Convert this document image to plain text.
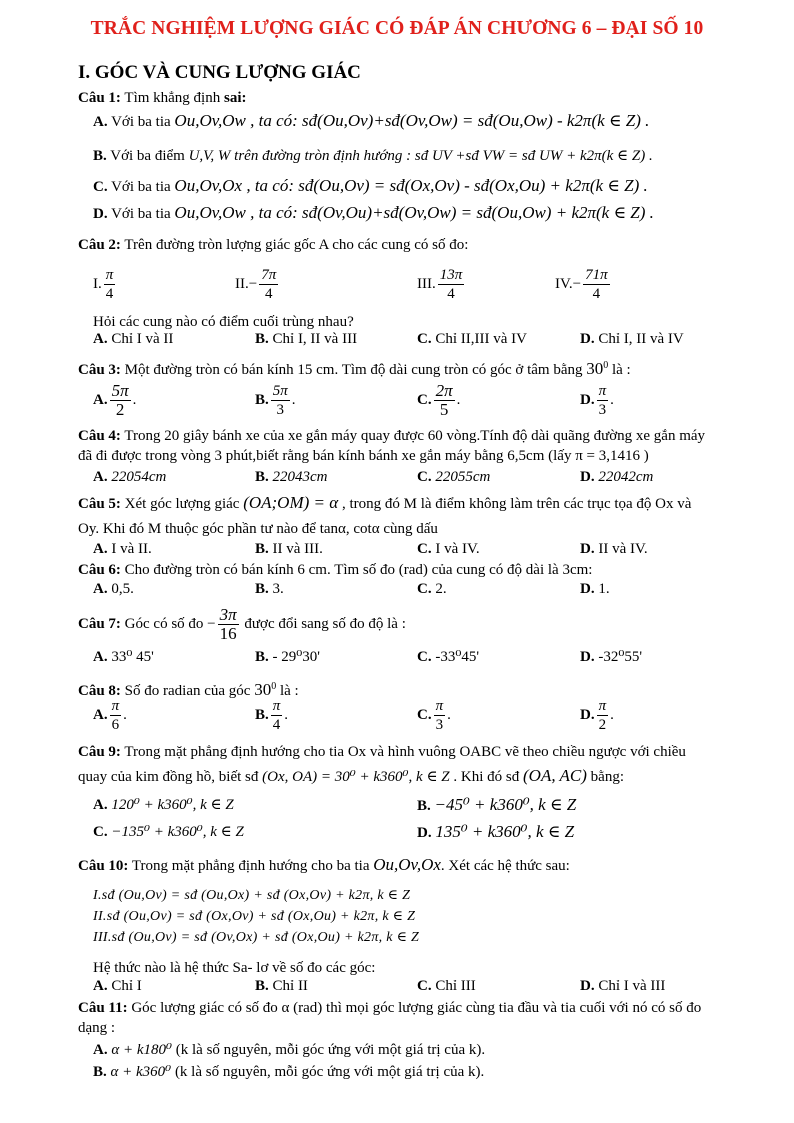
TRẮC NGHIỆM LƯỢNG GIÁC CÓ ĐÁP ÁN CHƯƠNG 6 – ĐẠI SỐ 10
I. GÓC VÀ CUNG LƯỢNG GIÁC
Câu 1: Tìm khẳng định sai:
A. Với ba tia Ou,Ov,Ow , ta có: sđ(Ou,Ov)+sđ(Ov,Ow) = sđ(Ou,Ow) - k2π(k ∈ Z) .
B. Với ba điểm U,V, W trên đường tròn định hướng : sđ UV +sđ VW = sđ UW + k2π(k ∈ Z) .
C. Với ba tia Ou,Ov,Ox , ta có: sđ(Ou,Ov) = sđ(Ox,Ov) - sđ(Ox,Ou) + k2π(k ∈ Z) .
D. Với ba tia Ou,Ov,Ow , ta có: sđ(Ov,Ou)+sđ(Ov,Ow) = sđ(Ou,Ow) + k2π(k ∈ Z) .
Câu 2: Trên đường tròn lượng giác gốc A cho các cung có số đo:
I. $\frac{\pi}{4}$	$II.- \frac{7\pi}{4}$	III. $\frac{13\pi}{4}$	$IV.- \frac{71\pi}{4}$
Hỏi các cung nào có điểm cuối trùng nhau?
A. Chỉ I và II	B. Chỉ I, II và III	C. Chỉ II,III và IV	D. Chỉ I, II và IV
Câu 3: Một đường tròn có bán kính 15 cm. Tìm độ dài cung tròn có góc ở tâm bằng $30^0$ là :
A. $\frac{5\pi}{2}$ .	B. $\frac{5\pi}{3}$ .	C. $\frac{2\pi}{5}$ .	D. $\frac{\pi}{3}$ .
Câu 4: Trong 20 giây bánh xe của xe gắn máy quay được 60 vòng.Tính độ dài quãng đường xe gắn máy
đã đi được trong vòng 3 phút,biết rằng bán kính bánh xe gắn máy bằng 6,5cm (lấy π = 3,1416 )
A. 22054cm	B. 22043cm	C. 22055cm	D. 22042cm
Câu 5: Xét góc lượng giác (OA;OM) = α , trong đó M là điểm không làm trên các trục tọa độ Ox và
Oy. Khi đó M thuộc góc phần tư nào để tanα, cotα cùng dấu
A. I và II.	B. II và III.	C. I và IV.	D. II và IV.
Câu 6: Cho đường tròn có bán kính 6 cm. Tìm số đo (rad) của cung có độ dài là 3cm:
A. 0,5.	B. 3.	C. 2.	D. 1.
Câu 7: Góc có số đo − $\frac{3\pi}{16}$ được đổi sang số đo độ là :
A. 33⁰ 45'	B. - 29⁰30'	C. -33⁰45'	D. -32⁰55'
Câu 8: Số đo radian của góc $30^0$ là :
A. $\frac{\pi}{6}$ .	B. $\frac{\pi}{4}$ .	C. $\frac{\pi}{3}$ .	D. $\frac{\pi}{2}$ .
Câu 9: Trong mặt phẳng định hướng cho tia Ox và hình vuông OABC vẽ theo chiều ngược với chiều
quay của kim đồng hồ, biết sđ (Ox, OA) = 30⁰ + k360⁰, k ∈ Z . Khi đó sđ (OA, AC) bằng:
A. 120⁰ + k360⁰, k ∈ Z	B. −45⁰ + k360⁰, k ∈ Z
C. −135⁰ + k360⁰, k ∈ Z	D. 135⁰ + k360⁰, k ∈ Z
Câu 10: Trong mặt phẳng định hướng cho ba tia Ou,Ov,Ox. Xét các hệ thức sau:
I.sđ (Ou,Ov) = sđ (Ou,Ox) + sđ (Ox,Ov) + k2π, k ∈ Z
II.sđ (Ou,Ov) = sđ (Ox,Ov) + sđ (Ox,Ou) + k2π, k ∈ Z
III.sđ (Ou,Ov) = sđ (Ov,Ox) + sđ (Ox,Ou) + k2π, k ∈ Z
Hệ thức nào là hệ thức Sa- lơ về số đo các góc:
A. Chỉ I	B. Chỉ II	C. Chỉ III	D. Chỉ I và III
Câu 11: Góc lượng giác có số đo α (rad) thì mọi góc lượng giác cùng tia đầu và tia cuối với nó có số đo
dạng :
A. α + k180⁰ (k là số nguyên, mỗi góc ứng với một giá trị của k).
B. α + k360⁰ (k là số nguyên, mỗi góc ứng với một giá trị của k).
